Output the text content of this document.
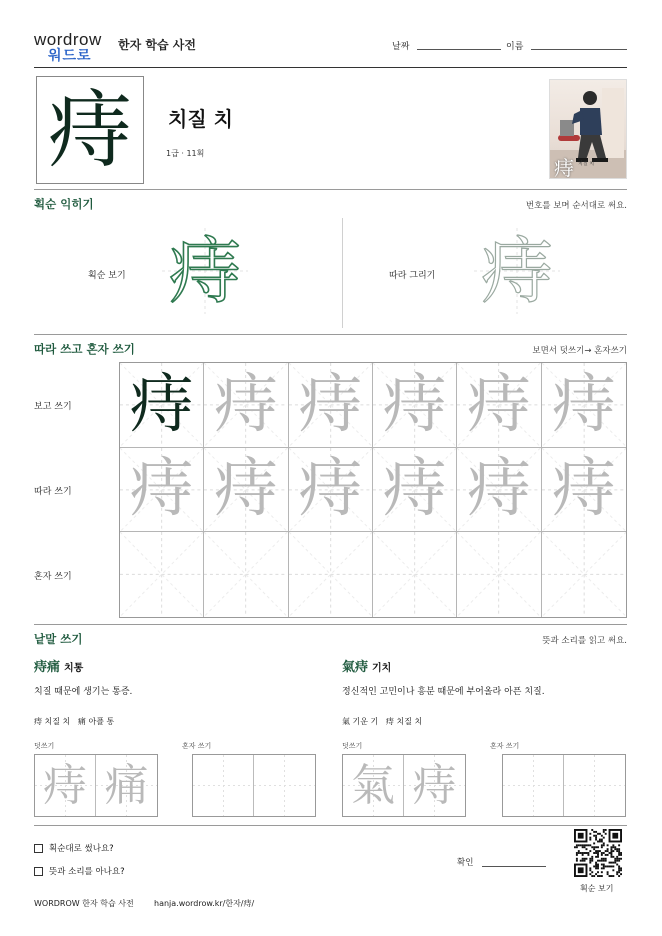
wordrow
워드로
한자 학습 사전	날짜	이름
痔 치질 치
1급 · 11획
痔 치질 치
획순 익히기	번호를 보며 순서대로 써요.
획순 보기 痔	따라 그리기 痔
따라 쓰고 혼자 쓰기	보면서 덧쓰기→ 혼자쓰기
보고 쓰기
따라 쓰기
혼자 쓰기
痔 痔 痔 痔 痔 痔
痔 痔 痔 痔 痔 痔
낱말 쓰기	뜻과 소리를 읽고 써요.
痔痛 치통
치질 때문에 생기는 통증.
痔 치질 치 痛 아플 통
덧쓰기	혼자 쓰기
痔 痛
氣痔 기치
정신적인 고민이나 흥분 때문에 부어올라 아픈 치질.
氣 기운 기 痔 치질 치
덧쓰기	혼자 쓰기
氣 痔
획순대로 썼나요?
뜻과 소리를 아나요?
확인
획순 보기
WORDROW 한자 학습 사전	hanja.wordrow.kr/한자/痔/
